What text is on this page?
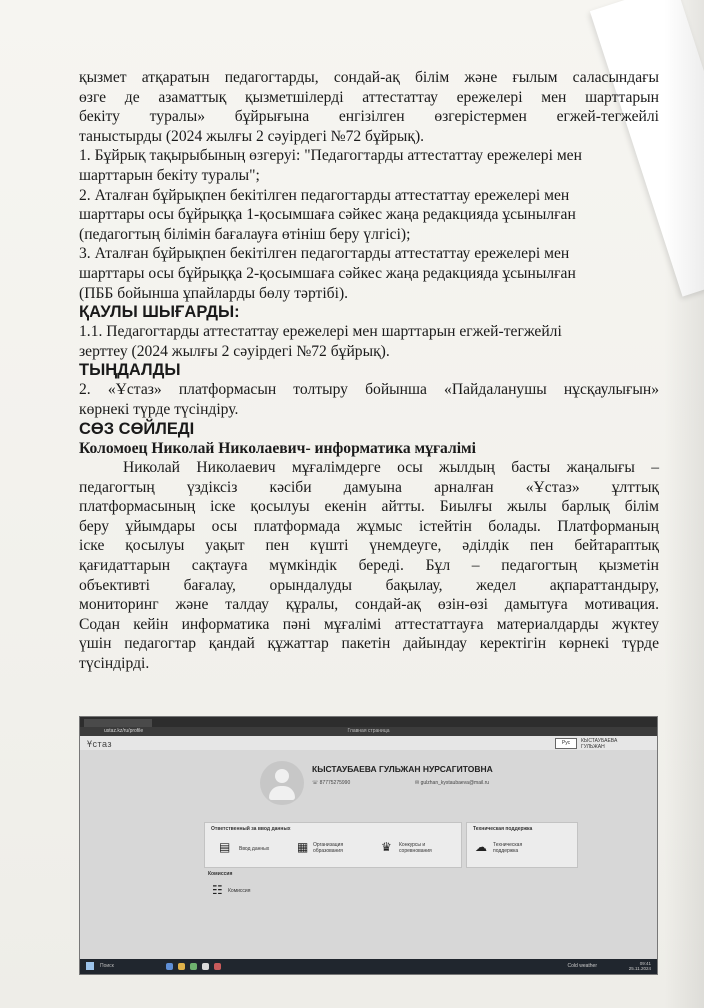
қызмет атқаратын педагогтарды, сондай-ақ білім және ғылым саласындағы

өзге де азаматтық қызметшілерді аттестаттау ережелері мен шарттарын

бекіту туралы» бұйрығына енгізілген өзгерістермен егжей-тегжейлі

таныстырды (2024 жылғы 2 сәуірдегі №72 бұйрық).

1. Бұйрық тақырыбының өзгеруі: "Педагогтарды аттестаттау ережелері мен

шарттарын бекіту туралы";

2. Аталған бұйрықпен бекітілген педагогтарды аттестаттау ережелері мен

шарттары осы бұйрыққа 1-қосымшаға сәйкес жаңа редакцияда ұсынылған

(педагогтың білімін бағалауға өтініш беру үлгісі);

3. Аталған бұйрықпен бекітілген педагогтарды аттестаттау ережелері мен

шарттары осы бұйрыққа 2-қосымшаға сәйкес жаңа редакцияда ұсынылған

(ПББ бойынша ұпайларды бөлу тәртібі).

ҚАУЛЫ ШЫҒАРДЫ:

1.1. Педагогтарды аттестаттау ережелері мен шарттарын егжей-тегжейлі

зерттеу (2024 жылғы 2 сәуірдегі №72 бұйрық).

ТЫҢДАЛДЫ

2. «Ұстаз» платформасын толтыру бойынша «Пайдаланушы нұсқаулығын»

көрнекі түрде түсіндіру.

СӨЗ СӨЙЛЕДІ

Коломоец Николай Николаевич- информатика мұғалімі

Николай Николаевич мұғалімдерге осы жылдың басты жаңалығы –

педагогтың үздіксіз кәсіби дамуына арналған «Ұстаз» ұлттық

платформасының іске қосылуы екенін айтты. Биылғы жылы барлық білім

беру ұйымдары осы платформада жұмыс істейтін болады. Платформаның

іске қосылуы уақыт пен күшті үнемдеуге, әділдік пен бейтараптық

қағидаттарын сақтауға мүмкіндік береді. Бұл – педагогтың қызметін

объективті бағалау, орындалуды бақылау, жедел ақпараттандыру,

мониторинг және талдау құралы, сондай-ақ өзін-өзі дамытуға мотивация.

Содан кейін информатика пәні мұғалімі аттестаттауға материалдарды жүктеу

үшін педагогтар қандай құжаттар пакетін дайындау керектігін көрнекі түрде

түсіндірді.

ustaz.kz/ru/profile	Главная страница
Ұстаз	Рус	КЫСТАУБАЕВА ГУЛЬЖАН
КЫСТАУБАЕВА ГУЛЬЖАН НУРСАГИТОВНА
☏ 87775275990	✉ gulzhan_kystaubaeva@mail.ru
Ответственный за ввод данных
▤ Ввод данных ▦ Организация образования	♛ Конкурсы и соревнования
Техническая поддержка
☁ Техническая поддержка
Комиссия
☷ Комиссия
Поиск	Cold weather	09:41
25.11.2024
